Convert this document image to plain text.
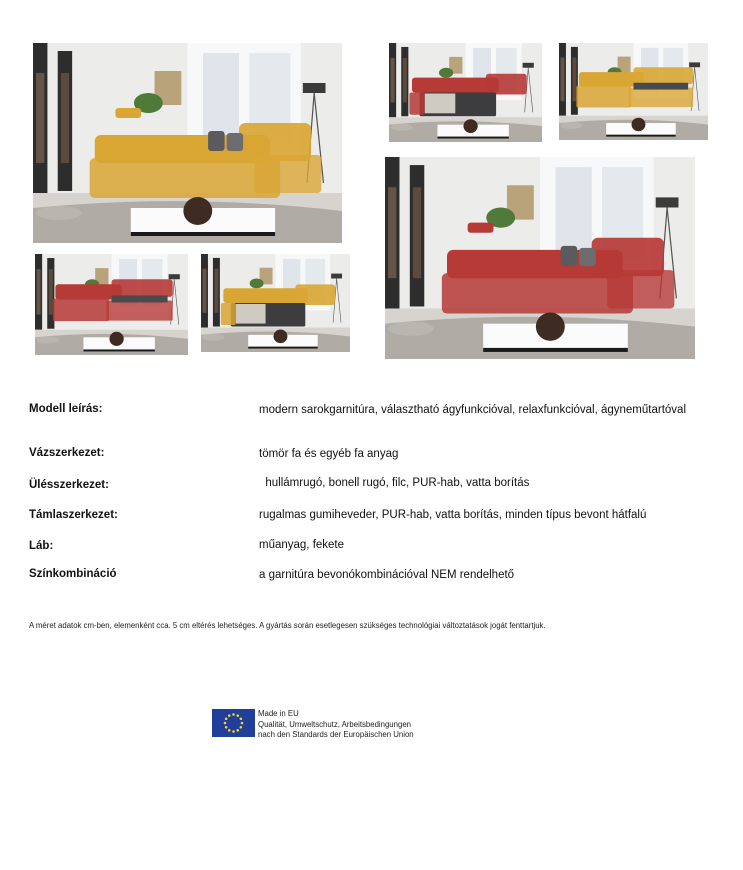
Modell leírás:	modern sarokgarnitúra, választható ágyfunkcióval, relaxfunkcióval, ágyneműtartóval
Vázszerkezet:	tömör fa és egyéb fa anyag
Ülésszerkezet:	hullámrugó, bonell rugó, filc, PUR-hab, vatta borítás
Támlaszerkezet:	rugalmas gumiheveder, PUR-hab, vatta borítás, minden típus bevont hátfalú
Láb:	műanyag, fekete
Színkombináció	a garnitúra bevonókombinációval NEM rendelhető
A méret adatok cm-ben, elemenként cca. 5 cm eltérés lehetséges. A gyártás során esetlegesen szükséges technológiai változtatások jogát fenttartjuk.
Made in EU
Qualität, Umweltschutz, Arbeitsbedingungen
nach den Standards der Europäischen Union
